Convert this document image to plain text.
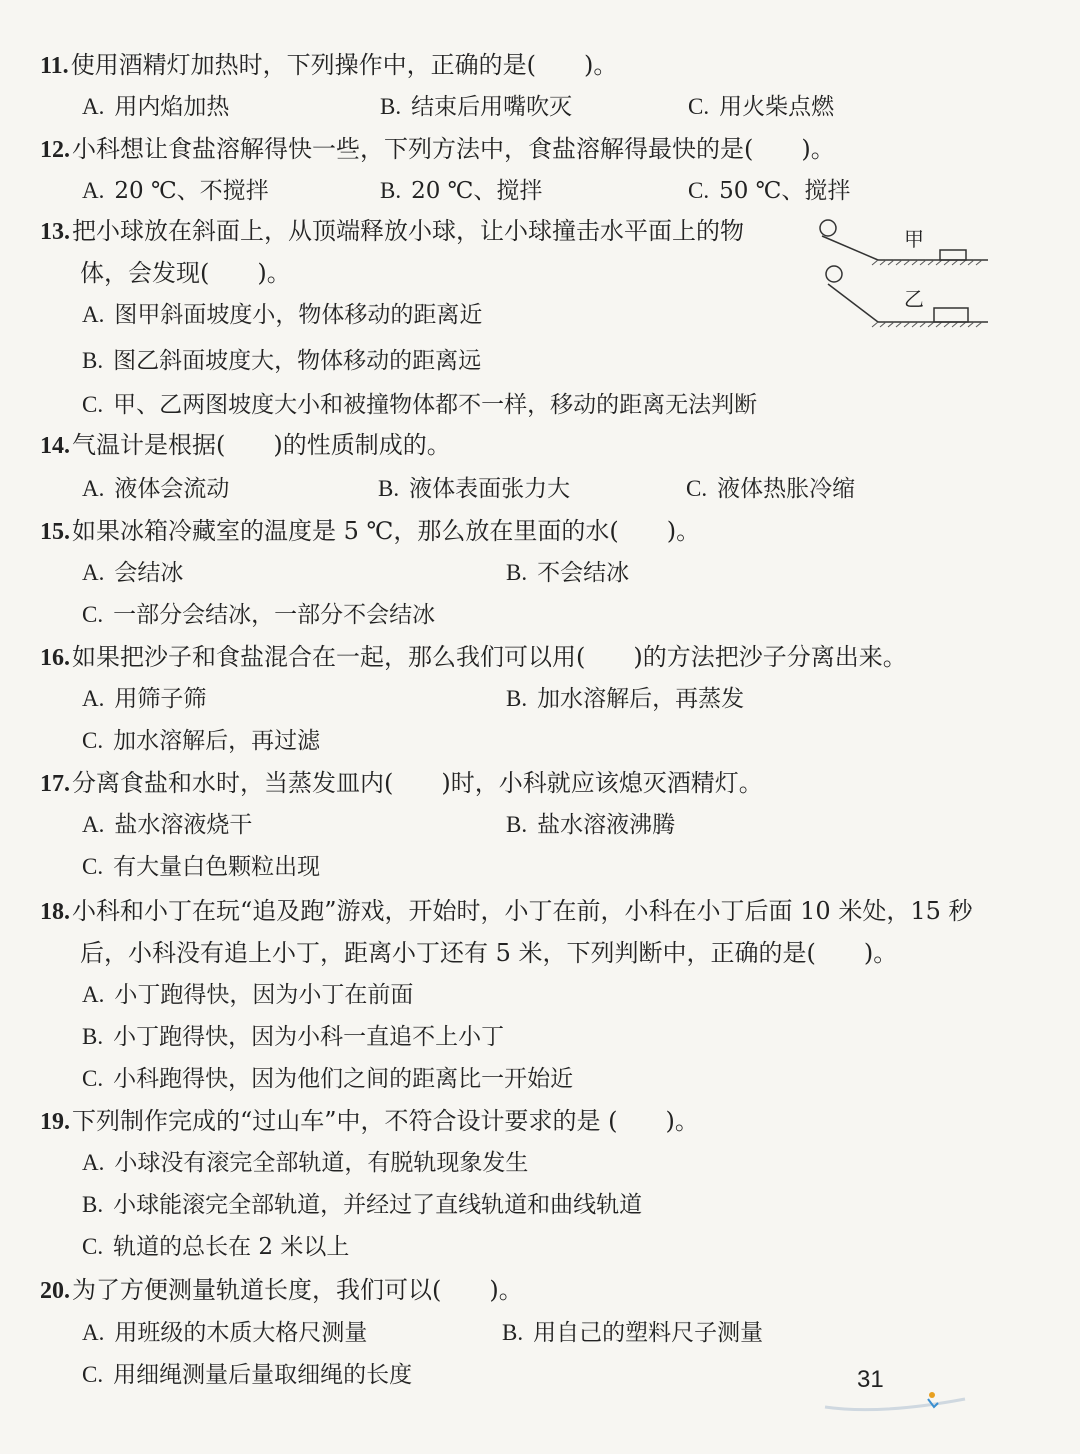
11.使用酒精灯加热时，下列操作中，正确的是(　　)。
A. 用内焰加热	B. 结束后用嘴吹灭	C. 用火柴点燃
12.小科想让食盐溶解得快一些，下列方法中，食盐溶解得最快的是(　　)。
A. 20 ℃、不搅拌	B. 20 ℃、搅拌	C. 50 ℃、搅拌
13.把小球放在斜面上，从顶端释放小球，让小球撞击水平面上的物
体，会发现(　　)。
A. 图甲斜面坡度小，物体移动的距离近
B. 图乙斜面坡度大，物体移动的距离远
C. 甲、乙两图坡度大小和被撞物体都不一样，移动的距离无法判断
甲
乙
14.气温计是根据(　　)的性质制成的。
A. 液体会流动	B. 液体表面张力大	C. 液体热胀冷缩
15.如果冰箱冷藏室的温度是 5 ℃，那么放在里面的水(　　)。
A. 会结冰	B. 不会结冰
C. 一部分会结冰，一部分不会结冰
16.如果把沙子和食盐混合在一起，那么我们可以用(　　)的方法把沙子分离出来。
A. 用筛子筛	B. 加水溶解后，再蒸发
C. 加水溶解后，再过滤
17.分离食盐和水时，当蒸发皿内(　　)时，小科就应该熄灭酒精灯。
A. 盐水溶液烧干	B. 盐水溶液沸腾
C. 有大量白色颗粒出现
18.小科和小丁在玩“追及跑”游戏，开始时，小丁在前，小科在小丁后面 10 米处，15 秒
后，小科没有追上小丁，距离小丁还有 5 米，下列判断中，正确的是(　　)。
A. 小丁跑得快，因为小丁在前面
B. 小丁跑得快，因为小科一直追不上小丁
C. 小科跑得快，因为他们之间的距离比一开始近
19.下列制作完成的“过山车”中，不符合设计要求的是 (　　)。
A. 小球没有滚完全部轨道，有脱轨现象发生
B. 小球能滚完全部轨道，并经过了直线轨道和曲线轨道
C. 轨道的总长在 2 米以上
20.为了方便测量轨道长度，我们可以(　　)。
A. 用班级的木质大格尺测量	B. 用自己的塑料尺子测量
C. 用细绳测量后量取细绳的长度	31
